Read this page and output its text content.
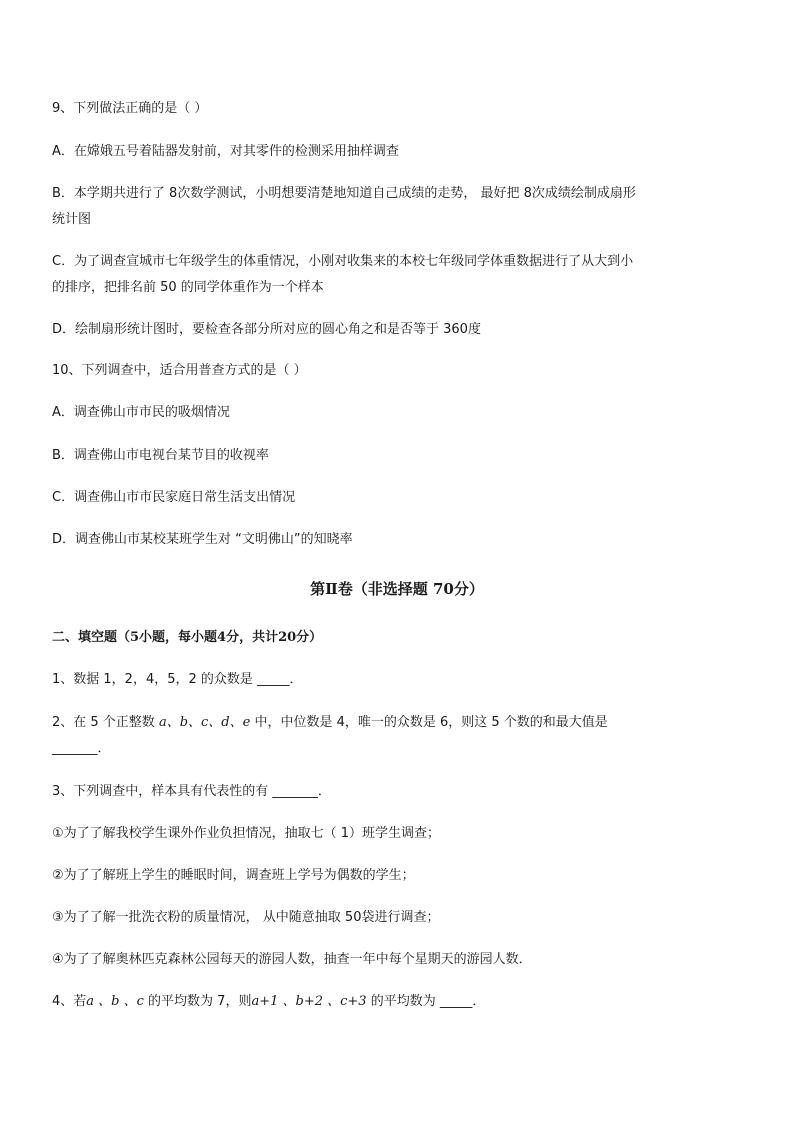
9、下列做法正确的是（ ）
A．在嫦娥五号着陆器发射前，对其零件的检测采用抽样调查
B．本学期共进行了 8次数学测试，小明想要清楚地知道自己成绩的走势， 最好把 8次成绩绘制成扇形
统计图
C．为了调查宣城市七年级学生的体重情况，小刚对收集来的本校七年级同学体重数据进行了从大到小
的排序，把排名前 50 的同学体重作为一个样本
D．绘制扇形统计图时，要检查各部分所对应的圆心角之和是否等于 360度
10、下列调查中，适合用普查方式的是（ ）
A．调查佛山市市民的吸烟情况
B．调查佛山市电视台某节目的收视率
C．调查佛山市市民家庭日常生活支出情况
D．调查佛山市某校某班学生对 “文明佛山”的知晓率
第Ⅱ卷（非选择题 70分）
二、填空题（5小题，每小题4分，共计20分）
1、数据 1，2，4，5，2 的众数是 _____．
2、在 5 个正整数 a、b、c、d、e 中，中位数是 4，唯一的众数是 6，则这 5 个数的和最大值是
_______．
3、下列调查中，样本具有代表性的有 _______．
①为了了解我校学生课外作业负担情况，抽取七（ 1）班学生调查；
②为了了解班上学生的睡眠时间，调查班上学号为偶数的学生；
③为了了解一批洗衣粉的质量情况， 从中随意抽取 50袋进行调查；
④为了了解奥林匹克森林公园每天的游园人数，抽查一年中每个星期天的游园人数．
4、若a 、b 、c 的平均数为 7，则a+1 、b+2 、c+3 的平均数为 _____．
